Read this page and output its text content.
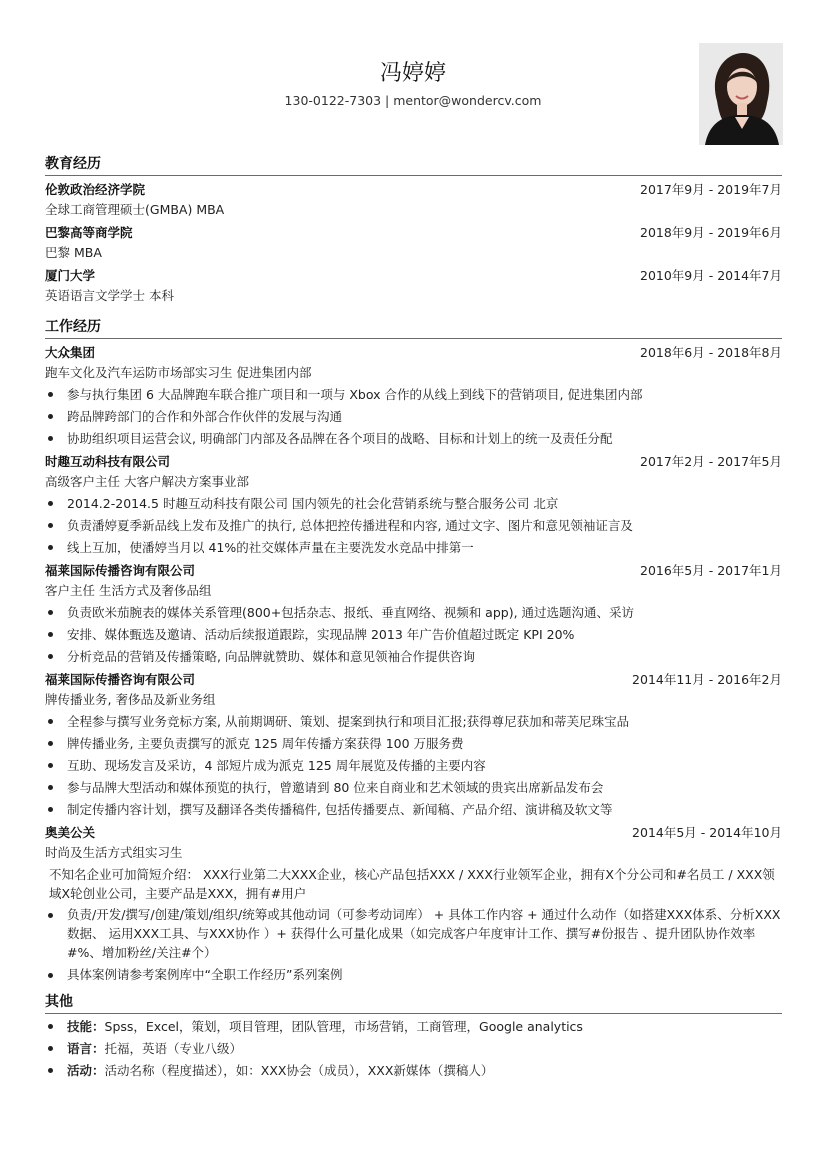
冯婷婷
130-0122-7303 | mentor@wondercv.com
教育经历
伦敦政治经济学院	2017年9月 - 2019年7月
全球工商管理硕士(GMBA) MBA
巴黎高等商学院	2018年9月 - 2019年6月
巴黎 MBA
厦门大学	2010年9月 - 2014年7月
英语语言文学学士 本科
工作经历
大众集团	2018年6月 - 2018年8月
跑车文化及汽车运防市场部实习生 促进集团内部
参与执行集团 6 大品牌跑车联合推广项目和一项与 Xbox 合作的从线上到线下的营销项目, 促进集团内部
跨品牌跨部门的合作和外部合作伙伴的发展与沟通
协助组织项目运营会议, 明确部门内部及各品牌在各个项目的战略、目标和计划上的统一及责任分配
时趣互动科技有限公司	2017年2月 - 2017年5月
高级客户主任 大客户解决方案事业部
2014.2-2014.5 时趣互动科技有限公司 国内领先的社会化营销系统与整合服务公司 北京
负责潘婷夏季新品线上发布及推广的执行, 总体把控传播进程和内容, 通过文字、图片和意见领袖证言及
线上互加，使潘婷当月以 41%的社交媒体声量在主要洗发水竞品中排第一
福莱国际传播咨询有限公司	2016年5月 - 2017年1月
客户主任 生活方式及奢侈品组
负责欧米茄腕表的媒体关系管理(800+包括杂志、报纸、垂直网络、视频和 app), 通过选题沟通、采访
安排、媒体甄选及邀请、活动后续报道跟踪，实现品牌 2013 年广告价值超过既定 KPI 20%
分析竞品的营销及传播策略, 向品牌就赞助、媒体和意见领袖合作提供咨询
福莱国际传播咨询有限公司	2014年11月 - 2016年2月
牌传播业务, 奢侈品及新业务组
全程参与撰写业务竞标方案, 从前期调研、策划、提案到执行和项目汇报;获得尊尼获加和蒂芙尼珠宝品
牌传播业务, 主要负责撰写的派克 125 周年传播方案获得 100 万服务费
互助、现场发言及采访，4 部短片成为派克 125 周年展览及传播的主要内容
参与品牌大型活动和媒体预览的执行，曾邀请到 80 位来自商业和艺术领域的贵宾出席新品发布会
制定传播内容计划，撰写及翻译各类传播稿件, 包括传播要点、新闻稿、产品介绍、演讲稿及软文等
奥美公关	2014年5月 - 2014年10月
时尚及生活方式组实习生
不知名企业可加简短介绍： XXX行业第二大XXX企业，核心产品包括XXX / XXX行业领军企业，拥有X个分公司和#名员工 / XXX领域X轮创业公司，主要产品是XXX，拥有#用户
负责/开发/撰写/创建/策划/组织/统筹或其他动词（可参考动词库） + 具体工作内容 + 通过什么动作（如搭建XXX体系、分析XXX数据、 运用XXX工具、与XXX协作 ）+ 获得什么可量化成果（如完成客户年度审计工作、撰写#份报告 、提升团队协作效率#%、增加粉丝/关注#个）
具体案例请参考案例库中“全职工作经历”系列案例
其他
技能：Spss，Excel，策划，项目管理，团队管理，市场营销，工商管理，Google analytics
语言：托福，英语（专业八级）
活动：活动名称（程度描述），如：XXX协会（成员），XXX新媒体（撰稿人）
